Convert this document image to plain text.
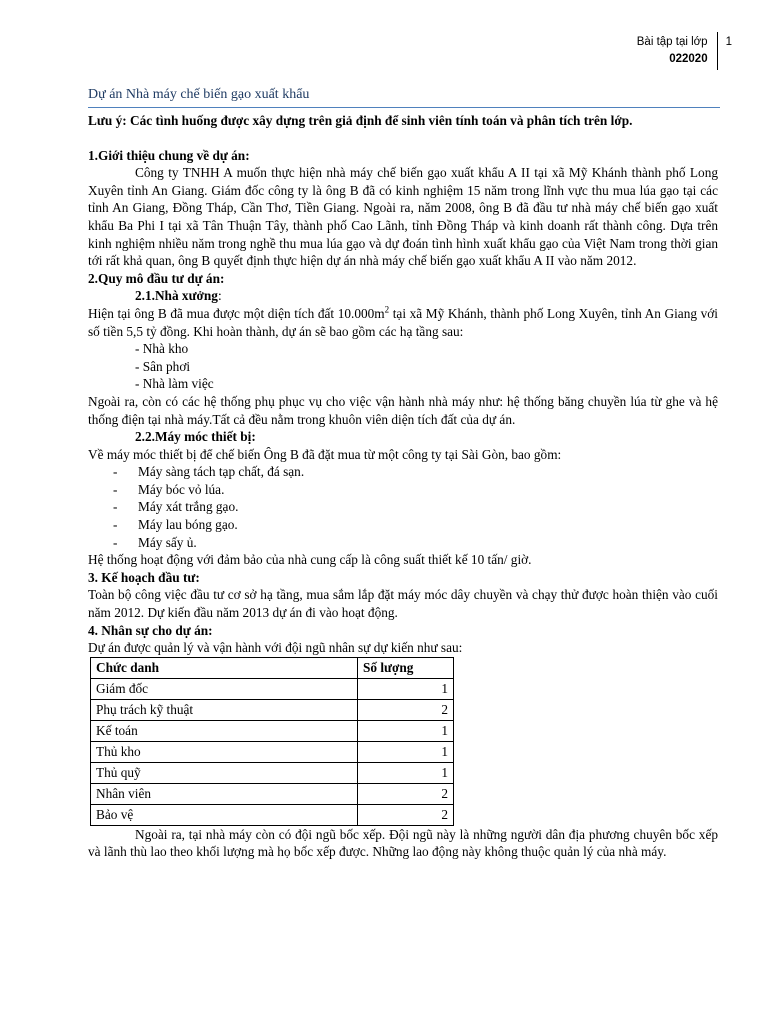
Bài tập tại lớp
022020
1
Dự án Nhà máy chế biến gạo xuất khẩu

Lưu ý: Các tình huống được xây dựng trên giả định để sinh viên tính toán và phân tích trên lớp.

1.Giới thiệu chung về dự án:

Công ty TNHH A muốn thực hiện nhà máy chế biến gạo xuất khẩu A II tại xã Mỹ Khánh thành phố Long Xuyên tỉnh An Giang. Giám đốc công ty là ông B đã có kinh nghiệm 15 năm trong lĩnh vực thu mua lúa gạo tại các tỉnh An Giang, Đồng Tháp, Cần Thơ, Tiền Giang. Ngoài ra, năm 2008, ông B đã đầu tư nhà máy chế biến gạo xuất khẩu Ba Phi I tại xã Tân Thuận Tây, thành phố Cao Lãnh, tỉnh Đồng Tháp và kinh doanh rất thành công. Dựa trên kinh nghiệm nhiều năm trong nghề thu mua lúa gạo và dự đoán tình hình xuất khẩu gạo của Việt Nam trong thời gian tới rất khả quan, ông B quyết định thực hiện dự án nhà máy chế biến gạo xuất khẩu A II vào năm 2012.

2.Quy mô đầu tư dự án:

2.1.Nhà xưởng:

Hiện tại ông B đã mua được một diện tích đất $10.000m^2$ tại xã Mỹ Khánh, thành phố Long Xuyên, tỉnh An Giang với số tiền 5,5 tỷ đồng. Khi hoàn thành, dự án sẽ bao gồm các hạ tầng sau:

- Nhà kho

- Sân phơi

- Nhà làm việc

Ngoài ra, còn có các hệ thống phụ phục vụ cho việc vận hành nhà máy như: hệ thống băng chuyền lúa từ ghe và hệ thống điện tại nhà máy.Tất cả đều nằm trong khuôn viên diện tích đất của dự án.

2.2.Máy móc thiết bị:

Về máy móc thiết bị để chế biến Ông B đã đặt mua từ một công ty tại Sài Gòn, bao gồm:

-	Máy sàng tách tạp chất, đá sạn.
-	Máy bóc vỏ lúa.
-	Máy xát trắng gạo.
-	Máy lau bóng gạo.
-	Máy sấy ủ.

Hệ thống hoạt động với đảm bảo của nhà cung cấp là công suất thiết kế 10 tấn/ giờ.

3. Kế hoạch đầu tư:

Toàn bộ công việc đầu tư cơ sở hạ tầng, mua sắm lắp đặt máy móc dây chuyền và chạy thử được hoàn thiện vào cuối năm 2012. Dự kiến đầu năm 2013 dự án đi vào hoạt động.

4. Nhân sự cho dự án:

Dự án được quản lý và vận hành với đội ngũ nhân sự dự kiến như sau:

Chức danh	Số lượng
Giám đốc	1
Phụ trách kỹ thuật	2
Kế toán	1
Thủ kho	1
Thủ quỹ	1
Nhân viên	2
Bảo vệ	2

Ngoài ra, tại nhà máy còn có đội ngũ bốc xếp. Đội ngũ này là những người dân địa phương chuyên bốc xếp và lãnh thù lao theo khối lượng mà họ bốc xếp được. Những lao động này không thuộc quản lý của nhà máy.
